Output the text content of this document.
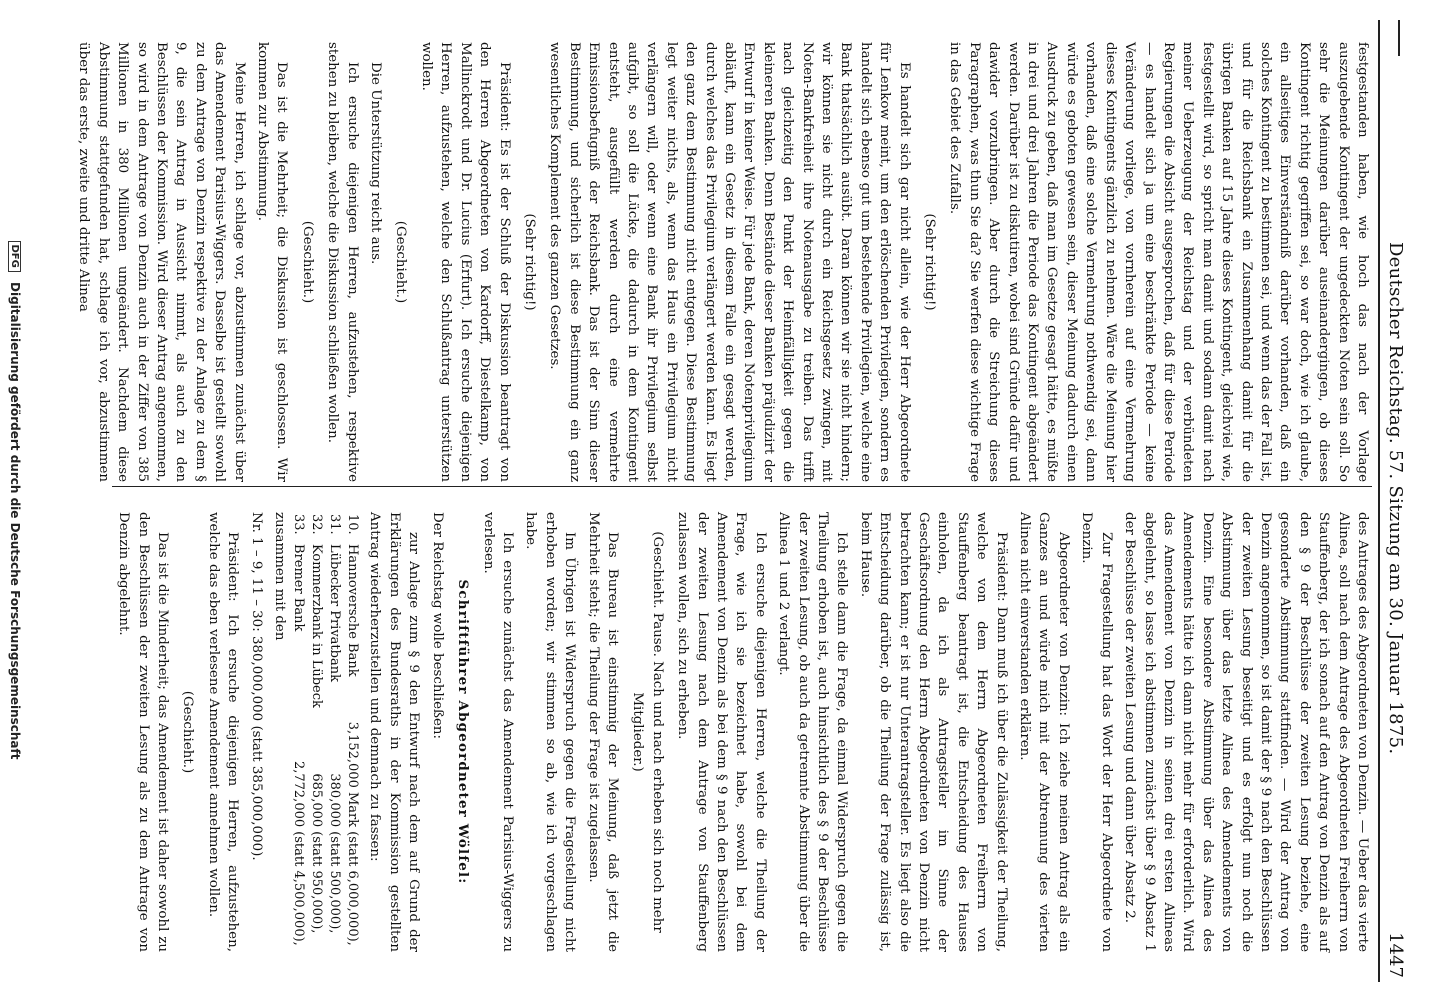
Deutscher Reichstag. 57. Sitzung am 30. Januar 1875.
1447

festgestanden haben, wie hoch das nach der Vorlage auszugebende Kontingent der ungedeckten Noten sein soll. So sehr die Meinungen darüber auseinandergingen, ob dieses Kontingent richtig gegriffen sei, so war doch, wie ich glaube, ein allseitiges Einverständniß darüber vorhanden, daß ein solches Kontingent zu bestimmen sei, und wenn das der Fall ist, und für die Reichsbank ein Zusammenhang damit für die übrigen Banken auf 15 Jahre dieses Kontingent, gleichviel wie, festgestellt wird, so spricht man damit und sodann damit nach meiner Ueberzeugung der Reichstag und der verbündeten Regierungen die Absicht ausgesprochen, daß für diese Periode — es handelt sich ja um eine beschränkte Periode — keine Veränderung vorliege, von vornherein auf eine Vermehrung dieses Kontingents gänzlich zu nehmen. Wäre die Meinung hier vorhanden, daß eine solche Vermehrung nothwendig sei, dann würde es geboten gewesen sein, dieser Meinung dadurch einen Ausdruck zu geben, daß man im Gesetze gesagt hätte, es müßte in drei und drei Jahren die Periode das Kontingent abgeändert werden. Darüber ist zu diskutiren, wobei sind Gründe dafür und dawider vorzubringen. Aber durch die Streichung dieses Paragraphen, was thun Sie da? Sie werfen diese wichtige Frage in das Gebiet des Zufalls.

(Sehr richtig!)

Es handelt sich gar nicht allein, wie der Herr Abgeordnete für Lenkow meint, um den erlöschenden Privilegien, sondern es handelt sich ebenso gut um bestehende Privilegien, welche eine Bank thatsächlich ausübt. Daran können wir sie nicht hindern; wir können sie nicht durch ein Reichsgesetz zwingen, mit Noten-Bankfreiheit ihre Notenausgabe zu treiben. Das trifft nach gleichzeitig den Punkt der Heimfälligkeit gegen die kleineren Banken. Denn Bestände dieser Banken präjudizirt der Entwurf in keiner Weise. Für jede Bank, deren Notenprivilegium abläuft, kann ein Gesetz in diesem Falle ein gesagt werden, durch welches das Privilegium verlängert werden kann. Es liegt den ganz dem Bestimmung nicht entgegen. Diese Bestimmung legt weiter nichts, als, wenn das Haus ein Privilegium nicht verlängern will, oder wenn eine Bank ihr Privilegium selbst aufgibt, so soll die Lücke, die dadurch in dem Kontingent entsteht, ausgefüllt werden durch eine vermehrte Emissionsbefugniß der Reichsbank. Das ist der Sinn dieser Bestimmung, und sicherlich ist diese Bestimmung ein ganz wesentliches Komplement des ganzen Gesetzes.

(Sehr richtig!)

Präsident: Es ist der Schluß der Diskussion beantragt von den Herren Abgeordneten von Kardorff, Diestelkamp, von Mallinckrodt und Dr. Lucius (Erfurt). Ich ersuche diejenigen Herren, aufzustehen, welche den Schlußantrag unterstützen wollen.

(Geschieht.)

Die Unterstützung reicht aus.

Ich ersuche diejenigen Herren, aufzustehen, respektive stehen zu bleiben, welche die Diskussion schließen wollen.

(Geschieht.)

Das ist die Mehrheit; die Diskussion ist geschlossen. Wir kommen zur Abstimmung.

Meine Herren, ich schlage vor, abzustimmen zunächst über das Amendement Parisius-Wiggers. Dasselbe ist gestellt sowohl zu dem Antrage von Denzin respektive zu der Anlage zu dem § 9, die sein Antrag in Aussicht nimmt, als auch zu den Beschlüssen der Kommission. Wird dieser Antrag angenommen, so wird in dem Antrage von Denzin auch in der Ziffer von 385 Millionen in 380 Millionen umgeändert. Nachdem diese Abstimmung stattgefunden hat, schlage ich vor, abzustimmen über das erste, zweite und dritte Alinea

des Antrages des Abgeordneten von Denzin. — Ueber das vierte Alinea, soll nach dem Antrage des Abgeordneten Freiherrn von Stauffenberg, der ich sonach auf den Antrag von Denzin als auf den § 9 der Beschlüsse der zweiten Lesung beziehe, eine gesonderte Abstimmung stattfinden. — Wird der Antrag von Denzin angenommen, so ist damit der § 9 nach den Beschlüssen der zweiten Lesung beseitigt und es erfolgt nun noch die Abstimmung über das letzte Alinea des Amendements von Denzin. Eine besondere Abstimmung über das Alinea des Amendements hätte ich dann nicht mehr für erforderlich. Wird das Amendement von Denzin in seinen drei ersten Alineas abgelehnt, so lasse ich abstimmen zunächst über § 9 Absatz 1 der Beschlüsse der zweiten Lesung und dann über Absatz 2.

Zur Fragestellung hat das Wort der Herr Abgeordnete von Denzin.

Abgeordneter von Denzin: Ich ziehe meinen Antrag als ein Ganzes an und würde mich mit der Abtrennung des vierten Alinea nicht einverstanden erklären.

Präsident: Dann muß ich über die Zulässigkeit der Theilung, welche von dem Herrn Abgeordneten Freiherrn von Stauffenberg beantragt ist, die Entscheidung des Hauses einholen, da ich als Antragsteller im Sinne der Geschäftsordnung den Herrn Abgeordneten von Denzin nicht betrachten kann; er ist nur Unterantragsteller. Es liegt also die Entscheidung darüber, ob die Theilung der Frage zulässig ist, beim Hause.

Ich stelle dann die Frage, da einmal Widerspruch gegen die Theilung erhoben ist, auch hinsichtlich des § 9 der Beschlüsse der zweiten Lesung, ob auch da getrennte Abstimmung über die Alinea 1 und 2 verlangt.

Ich ersuche diejenigen Herren, welche die Theilung der Frage, wie ich sie bezeichnet habe, sowohl bei dem Amendement von Denzin als bei dem § 9 nach den Beschlüssen der zweiten Lesung nach dem Antrage von Stauffenberg zulassen wollen, sich zu erheben.

(Geschieht. Pause. Nach und nach erheben sich noch mehr Mitglieder.)

Das Bureau ist einstimmig der Meinung, daß jetzt die Mehrheit steht; die Theilung der Frage ist zugelassen.

Im Übrigen ist Widerspruch gegen die Fragestellung nicht erhoben worden; wir stimmen so ab, wie ich vorgeschlagen habe.

Ich ersuche zunächst das Amendement Parisius-Wiggers zu verlesen.

Schriftführer Abgeordneter Wölfel:

Der Reichstag wolle beschließen:

zur Anlage zum § 9 den Entwurf nach dem auf Grund der Erklärungen des Bundesraths in der Kommission gestellten Antrag wiederherzustellen und demnach zu fassen:

10.	Hannoversche Bank	3,152,000 Mark	(statt 6,000,000),
31.	Lübecker Privatbank	380,000	(statt 500,000),
32.	Kommerzbank in Lübeck	685,000	(statt 950,000),
33.	Bremer Bank	2,772,000	(statt 4,500,000),

zusammen mit den

Nr. 1 – 9, 11 – 30: 380,000,000 (statt 385,000,000).

Präsident: Ich ersuche diejenigen Herren, aufzustehen, welche das eben verlesene Amendement annehmen wollen.

(Geschieht.)

Das ist die Minderheit; das Amendement ist daher sowohl zu den Beschlüssen der zweiten Lesung als zu dem Antrage von Denzin abgelehnt.

DFG Digitalisierung gefördert durch die Deutsche Forschungsgemeinschaft
